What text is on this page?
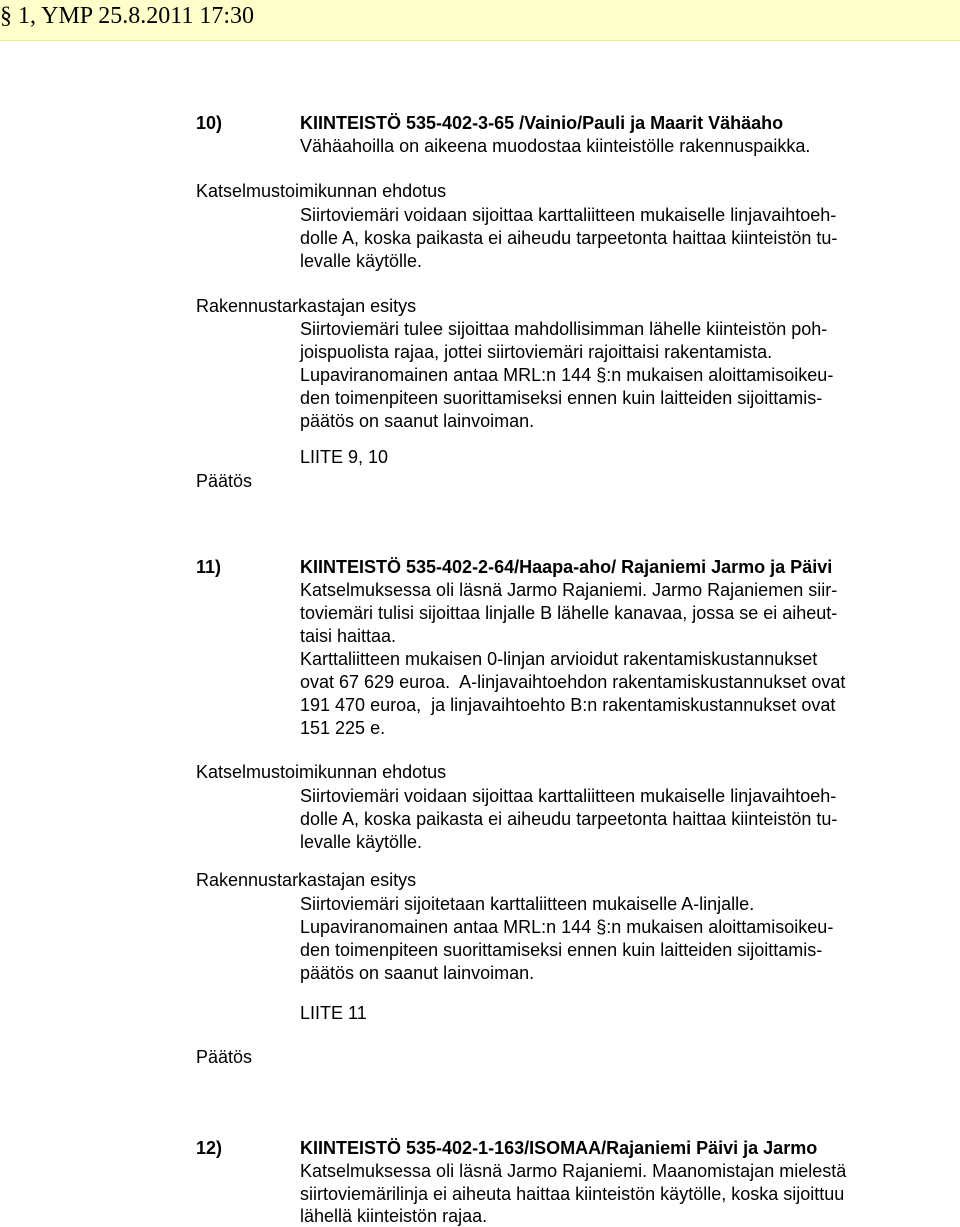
§ 1, YMP 25.8.2011 17:30
10)	KIINTEISTÖ 535-402-3-65 /Vainio/Pauli ja Maarit Vähäaho
Vähäahoilla on aikeena muodostaa kiinteistölle rakennuspaikka.
Katselmustoimikunnan ehdotus
Siirtoviemäri voidaan sijoittaa karttaliitteen mukaiselle linjavaihtoeh-
dolle A, koska paikasta ei aiheudu tarpeetonta haittaa kiinteistön tu-
levalle käytölle.
Rakennustarkastajan esitys
Siirtoviemäri tulee sijoittaa mahdollisimman lähelle kiinteistön poh-
joispuolista rajaa, jottei siirtoviemäri rajoittaisi rakentamista.
Lupaviranomainen antaa MRL:n 144 §:n mukaisen aloittamisoikeu-
den toimenpiteen suorittamiseksi ennen kuin laitteiden sijoittamis-
päätös on saanut lainvoiman.
LIITE 9, 10
Päätös
11)	KIINTEISTÖ 535-402-2-64/Haapa-aho/ Rajaniemi Jarmo ja Päivi
Katselmuksessa oli läsnä Jarmo Rajaniemi. Jarmo Rajaniemen siir-
toviemäri tulisi sijoittaa linjalle B lähelle kanavaa, jossa se ei aiheut-
taisi haittaa.
Karttaliitteen mukaisen 0-linjan arvioidut rakentamiskustannukset
ovat 67 629 euroa.  A-linjavaihtoehdon rakentamiskustannukset ovat
191 470 euroa,  ja linjavaihtoehto B:n rakentamiskustannukset ovat
151 225 e.
Katselmustoimikunnan ehdotus
Siirtoviemäri voidaan sijoittaa karttaliitteen mukaiselle linjavaihtoeh-
dolle A, koska paikasta ei aiheudu tarpeetonta haittaa kiinteistön tu-
levalle käytölle.
Rakennustarkastajan esitys
Siirtoviemäri sijoitetaan karttaliitteen mukaiselle A-linjalle.
Lupaviranomainen antaa MRL:n 144 §:n mukaisen aloittamisoikeu-
den toimenpiteen suorittamiseksi ennen kuin laitteiden sijoittamis-
päätös on saanut lainvoiman.
LIITE 11
Päätös
12)	KIINTEISTÖ 535-402-1-163/ISOMAA/Rajaniemi Päivi ja Jarmo
Katselmuksessa oli läsnä Jarmo Rajaniemi. Maanomistajan mielestä
siirtoviemärilinja ei aiheuta haittaa kiinteistön käytölle, koska sijoittuu
lähellä kiinteistön rajaa.
